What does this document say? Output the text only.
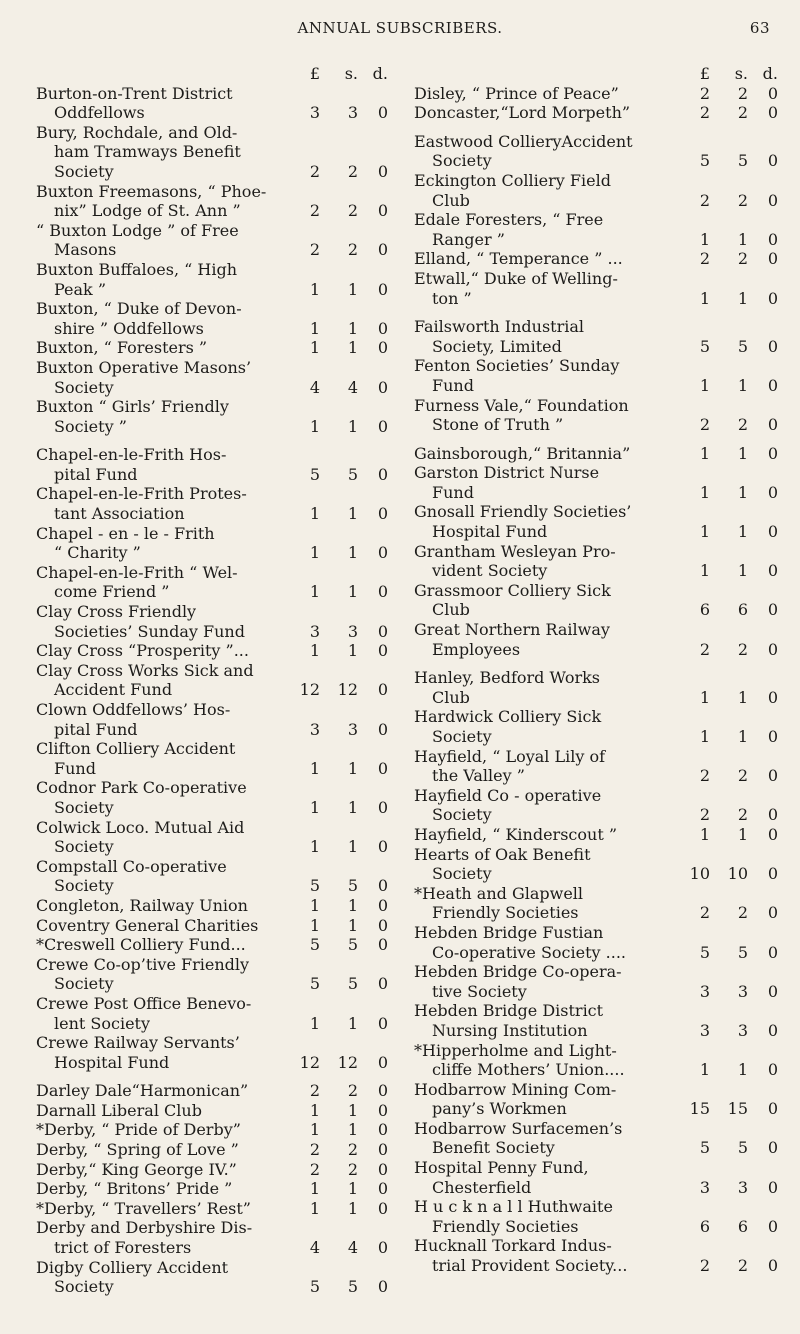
ANNUAL SUBSCRIBERS.	63
£	s. d.
Burton-on-Trent District
Oddfellows	3	3	0
Bury, Rochdale, and Old-
ham Tramways Benefit
Society	2	2	0
Buxton Freemasons, “ Phoe-
nix” Lodge of St. Ann ”	2	2	0
“ Buxton Lodge ” of Free
Masons	2	2	0
Buxton Buffaloes, “ High
Peak ”	1	1	0
Buxton, “ Duke of Devon-
shire ” Oddfellows	1	1	0
Buxton, “ Foresters ”	1	1	0
Buxton Operative Masons’
Society	4	4	0
Buxton “ Girls’ Friendly
Society ”	1	1	0
Chapel-en-le-Frith Hos-
pital Fund	5	5	0
Chapel-en-le-Frith Protes-
tant Association	1	1	0
Chapel - en - le - Frith
“ Charity ”	1	1	0
Chapel-en-le-Frith “ Wel-
come Friend ”	1	1	0
Clay Cross Friendly
Societies’ Sunday Fund	3	3	0
Clay Cross “Prosperity ”...	1	1	0
Clay Cross Works Sick and
Accident Fund	12	12	0
Clown Oddfellows’ Hos-
pital Fund	3	3	0
Clifton Colliery Accident
Fund	1	1	0
Codnor Park Co-operative
Society	1	1	0
Colwick Loco. Mutual Aid
Society	1	1	0
Compstall Co-operative
Society	5	5	0
Congleton, Railway Union	1	1	0
Coventry General Charities	1	1	0
*Creswell Colliery Fund...	5	5	0
Crewe Co-op’tive Friendly
Society	5	5	0
Crewe Post Office Benevo-
lent Society	1	1	0
Crewe Railway Servants’
Hospital Fund	12	12	0
Darley Dale“Harmonican”	2	2	0
Darnall Liberal Club	1	1	0
*Derby, “ Pride of Derby”	1	1	0
Derby, “ Spring of Love ”	2	2	0
Derby,“ King George IV.”	2	2	0
Derby, “ Britons’ Pride ”	1	1	0
*Derby, “ Travellers’ Rest”	1	1	0
Derby and Derbyshire Dis-
trict of Foresters	4	4	0
Digby Colliery Accident
Society	5	5	0
£	s. d.
Disley, “ Prince of Peace”	2	2	0
Doncaster,“Lord Morpeth”	2	2	0
Eastwood CollieryAccident
Society	5	5	0
Eckington Colliery Field
Club	2	2	0
Edale Foresters, “ Free
Ranger ”	1	1	0
Elland, “ Temperance ” ...	2	2	0
Etwall,“ Duke of Welling-
ton ”	1	1	0
Failsworth Industrial
Society, Limited	5	5	0
Fenton Societies’ Sunday
Fund	1	1	0
Furness Vale,“ Foundation
Stone of Truth ”	2	2	0
Gainsborough,“ Britannia”	1	1	0
Garston District Nurse
Fund	1	1	0
Gnosall Friendly Societies’
Hospital Fund	1	1	0
Grantham Wesleyan Pro-
vident Society	1	1	0
Grassmoor Colliery Sick
Club	6	6	0
Great Northern Railway
Employees	2	2	0
Hanley, Bedford Works
Club	1	1	0
Hardwick Colliery Sick
Society	1	1	0
Hayfield, “ Loyal Lily of
the Valley ”	2	2	0
Hayfield Co - operative
Society	2	2	0
Hayfield, “ Kinderscout ”	1	1	0
Hearts of Oak Benefit
Society	10	10	0
*Heath and Glapwell
Friendly Societies	2	2	0
Hebden Bridge Fustian
Co-operative Society ....	5	5	0
Hebden Bridge Co-opera-
tive Society	3	3	0
Hebden Bridge District
Nursing Institution	3	3	0
*Hipperholme and Light-
cliffe Mothers’ Union....	1	1	0
Hodbarrow Mining Com-
pany’s Workmen	15	15	0
Hodbarrow Surfacemen’s
Benefit Society	5	5	0
Hospital Penny Fund,
Chesterfield	3	3	0
H u c k n a l l Huthwaite
Friendly Societies	6	6	0
Hucknall Torkard Indus-
trial Provident Society...	2	2	0
